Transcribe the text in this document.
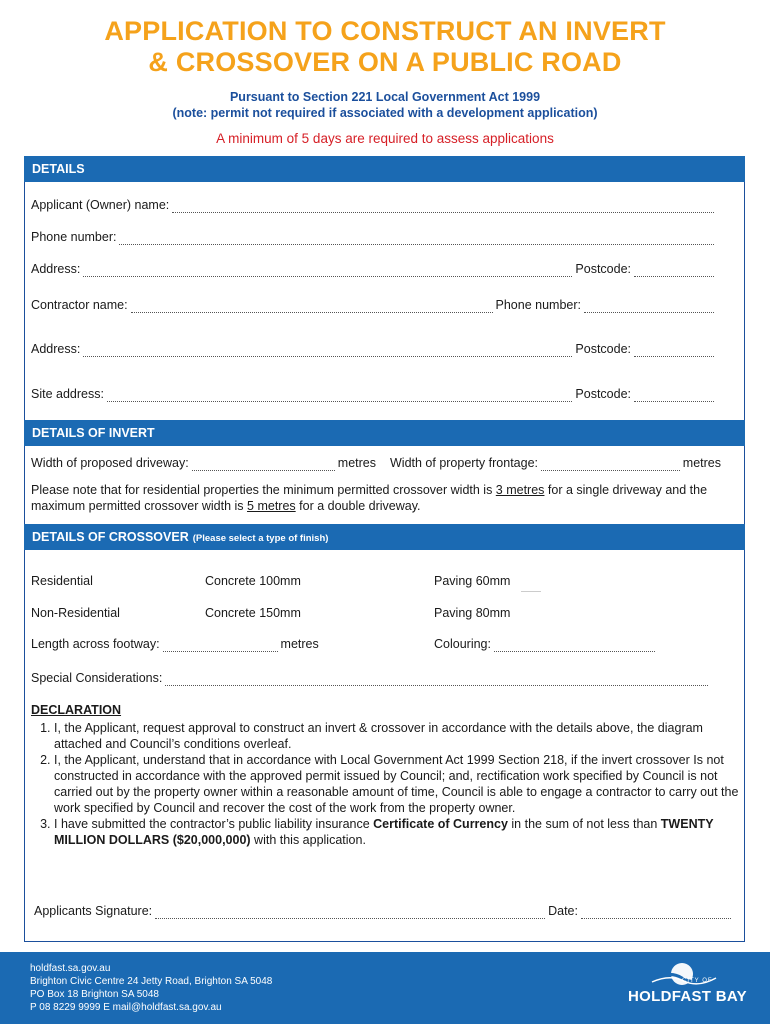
APPLICATION TO CONSTRUCT AN INVERT
& CROSSOVER ON A PUBLIC ROAD
Pursuant to Section 221 Local Government Act 1999
(note: permit not required if associated with a development application)
A minimum of 5 days are required to assess applications
DETAILS
Applicant (Owner) name:
Phone number:
Address:	Postcode:
Contractor name:	Phone number:
Address:	Postcode:
Site address:	Postcode:
DETAILS OF INVERT
Width of proposed driveway:	metres Width of property frontage:	metres
Please note that for residential properties the minimum permitted crossover width is 3 metres for a single driveway and the maximum permitted crossover width is 5 metres for a double driveway.
DETAILS OF CROSSOVER (Please select a type of finish)
Residential	Concrete 100mm	Paving 60mm
Non-Residential	Concrete 150mm	Paving 80mm
Length across footway:	metres	Colouring:
Special Considerations:
DECLARATION
1. I, the Applicant, request approval to construct an invert & crossover in accordance with the details above, the diagram attached and Council’s conditions overleaf.
2. I, the Applicant, understand that in accordance with Local Government Act 1999 Section 218, if the invert crossover Is not constructed in accordance with the approved permit issued by Council; and, rectification work specified by Council is not carried out by the property owner within a reasonable amount of time, Council is able to engage a contractor to carry out the work specified by Council and recover the cost of the work from the property owner.
3. I have submitted the contractor’s public liability insurance Certificate of Currency in the sum of not less than TWENTY MILLION DOLLARS ($20,000,000) with this application.
Applicants Signature:	Date:
holdfast.sa.gov.au
Brighton Civic Centre 24 Jetty Road, Brighton SA 5048
PO Box 18 Brighton SA 5048
P 08 8229 9999 E mail@holdfast.sa.gov.au
CITY OF
HOLDFAST BAY
